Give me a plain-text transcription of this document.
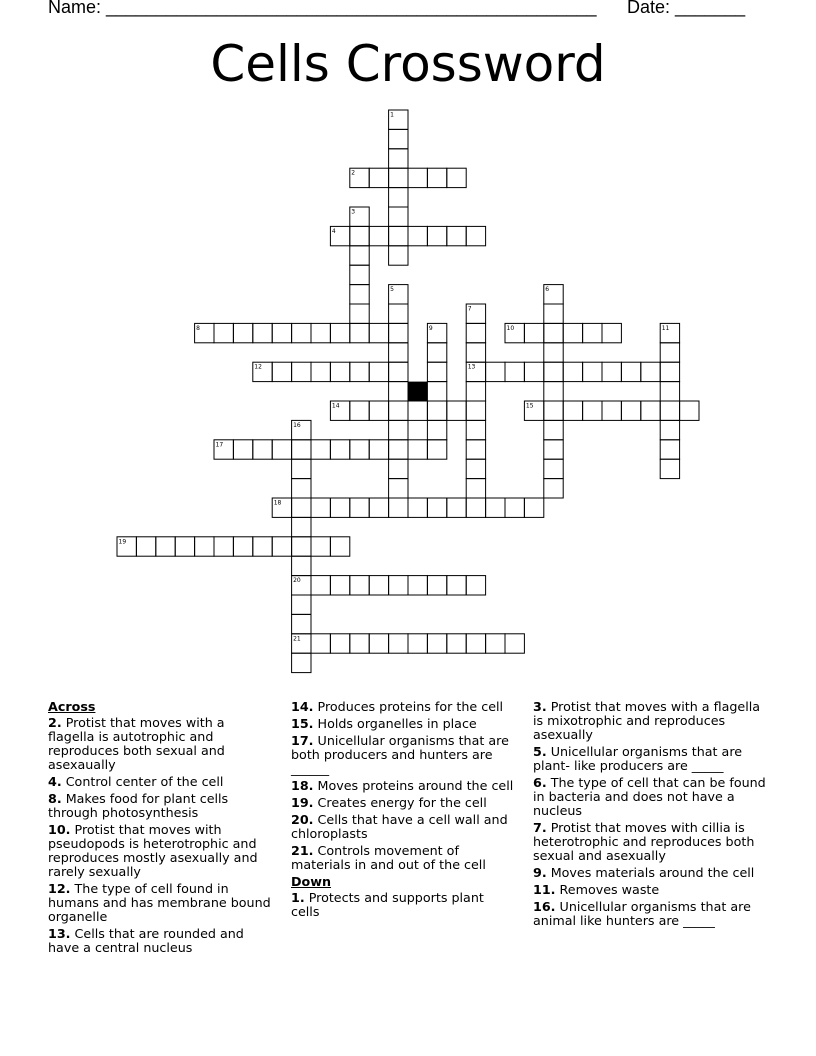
Name: _________________________________________________ Date: _______
Cells Crossword
1
2
3
4
5	6
7
8	9	10	11
12	13
14	15
16
17
18
19
20
21
Across
2. Protist that moves with a flagella is autotrophic and reproduces both sexual and asexaually
4. Control center of the cell
8. Makes food for plant cells through photosynthesis
10. Protist that moves with pseudopods is heterotrophic and reproduces mostly asexually and rarely sexually
12. The type of cell found in humans and has membrane bound organelle
13. Cells that are rounded and have a central nucleus
14. Produces proteins for the cell
15. Holds organelles in place
17. Unicellular organisms that are both producers and hunters are ______
18. Moves proteins around the cell
19. Creates energy for the cell
20. Cells that have a cell wall and chloroplasts
21. Controls movement of materials in and out of the cell
Down
1. Protects and supports plant cells
3. Protist that moves with a flagella is mixotrophic and reproduces asexually
5. Unicellular organisms that are plant- like producers are _____
6. The type of cell that can be found in bacteria and does not have a nucleus
7. Protist that moves with cillia is heterotrophic and reproduces both sexual and asexually
9. Moves materials around the cell
11. Removes waste
16. Unicellular organisms that are animal like hunters are _____
